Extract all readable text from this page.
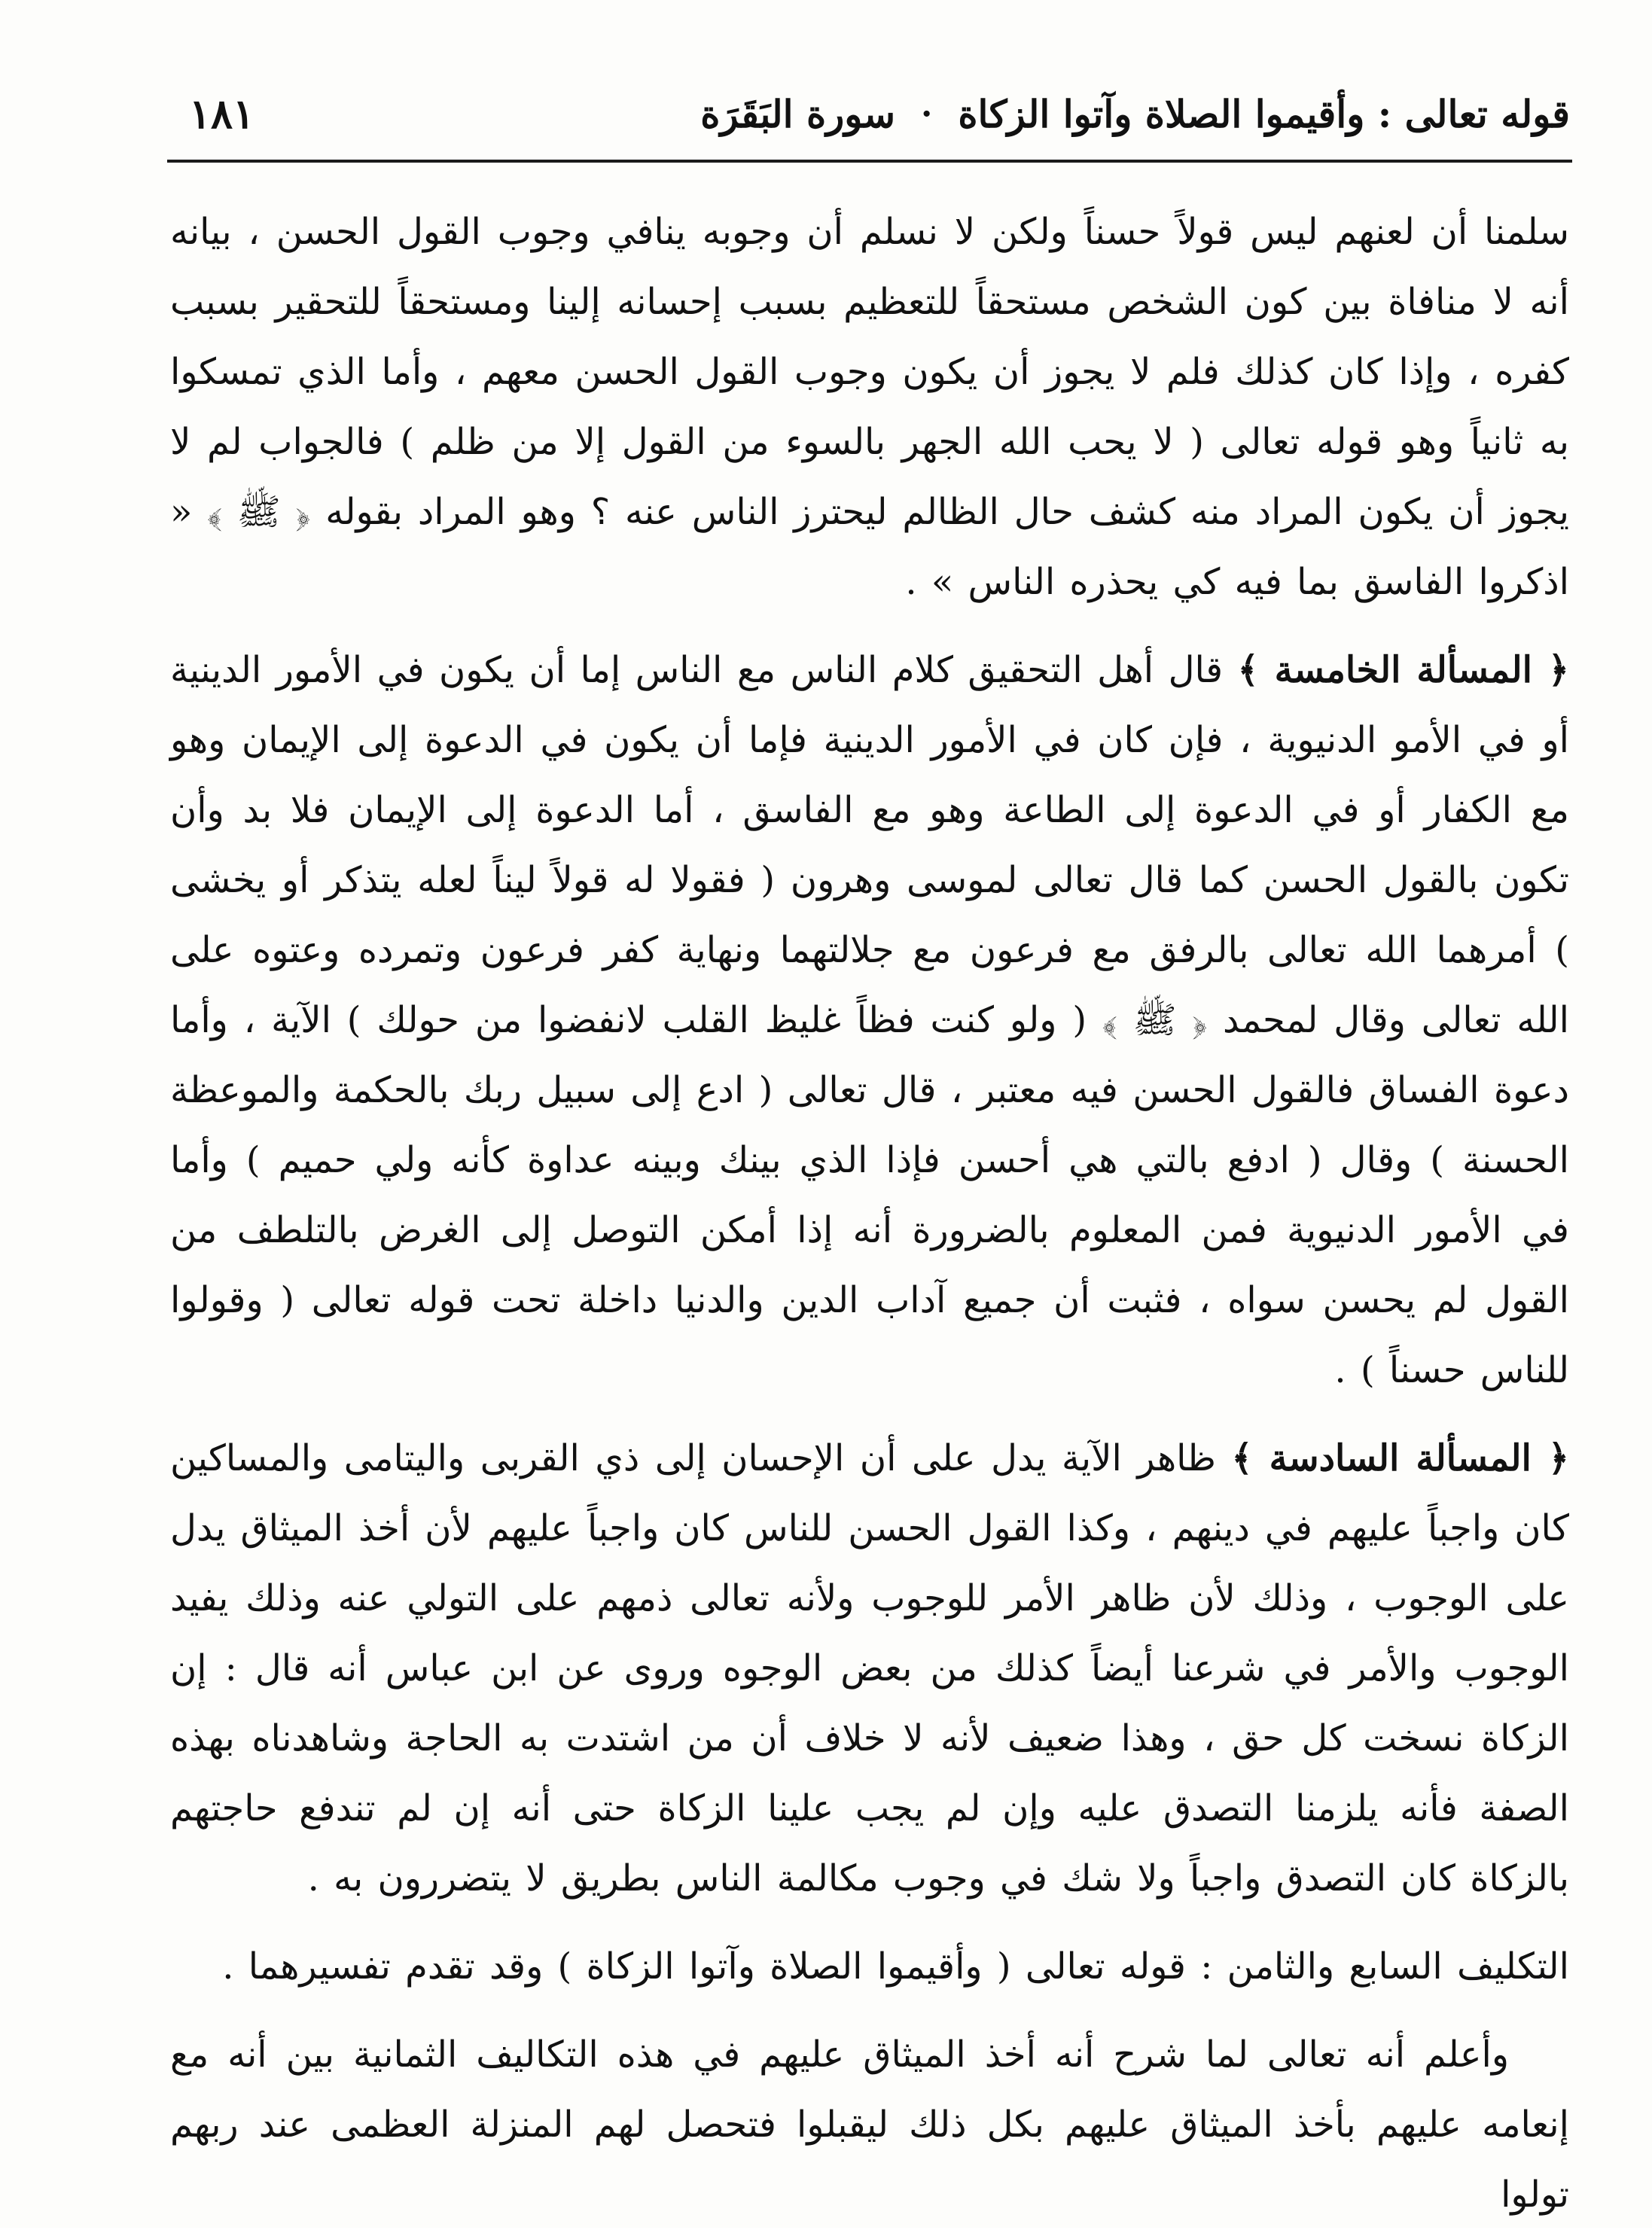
قوله تعالى : وأقيموا الصلاة وآتوا الزكاة
·
سورة البَقَرَة
١٨١

سلمنا أن لعنهم ليس قولاً حسناً ولكن لا نسلم أن وجوبه ينافي وجوب القول الحسن ، بيانه أنه لا منافاة بين كون الشخص مستحقاً للتعظيم بسبب إحسانه إلينا ومستحقاً للتحقير بسبب كفره ، وإذا كان كذلك فلم لا يجوز أن يكون وجوب القول الحسن معهم ، وأما الذي تمسكوا به ثانياً وهو قوله تعالى ( لا يحب الله الجهر بالسوء من القول إلا من ظلم ) فالجواب لم لا يجوز أن يكون المراد منه كشف حال الظالم ليحترز الناس عنه ؟ وهو المراد بقوله ﴿ ﷺ ﴾ « اذكروا الفاسق بما فيه كي يحذره الناس » .

﴿ المسألة الخامسة ﴾ قال أهل التحقيق كلام الناس مع الناس إما أن يكون في الأمور الدينية أو في الأمو الدنيوية ، فإن كان في الأمور الدينية فإما أن يكون في الدعوة إلى الإيمان وهو مع الكفار أو في الدعوة إلى الطاعة وهو مع الفاسق ، أما الدعوة إلى الإيمان فلا بد وأن تكون بالقول الحسن كما قال تعالى لموسى وهرون ( فقولا له قولاً ليناً لعله يتذكر أو يخشى ) أمرهما الله تعالى بالرفق مع فرعون مع جلالتهما ونهاية كفر فرعون وتمرده وعتوه على الله تعالى وقال لمحمد ﴿ ﷺ ﴾ ( ولو كنت فظاً غليظ القلب لانفضوا من حولك ) الآية ، وأما دعوة الفساق فالقول الحسن فيه معتبر ، قال تعالى ( ادع إلى سبيل ربك بالحكمة والموعظة الحسنة ) وقال ( ادفع بالتي هي أحسن فإذا الذي بينك وبينه عداوة كأنه ولي حميم ) وأما في الأمور الدنيوية فمن المعلوم بالضرورة أنه إذا أمكن التوصل إلى الغرض بالتلطف من القول لم يحسن سواه ، فثبت أن جميع آداب الدين والدنيا داخلة تحت قوله تعالى ( وقولوا للناس حسناً ) .

﴿ المسألة السادسة ﴾ ظاهر الآية يدل على أن الإحسان إلى ذي القربى واليتامى والمساكين كان واجباً عليهم في دينهم ، وكذا القول الحسن للناس كان واجباً عليهم لأن أخذ الميثاق يدل على الوجوب ، وذلك لأن ظاهر الأمر للوجوب ولأنه تعالى ذمهم على التولي عنه وذلك يفيد الوجوب والأمر في شرعنا أيضاً كذلك من بعض الوجوه وروى عن ابن عباس أنه قال : إن الزكاة نسخت كل حق ، وهذا ضعيف لأنه لا خلاف أن من اشتدت به الحاجة وشاهدناه بهذه الصفة فأنه يلزمنا التصدق عليه وإن لم يجب علينا الزكاة حتى أنه إن لم تندفع حاجتهم بالزكاة كان التصدق واجباً ولا شك في وجوب مكالمة الناس بطريق لا يتضررون به .

التكليف السابع والثامن : قوله تعالى ( وأقيموا الصلاة وآتوا الزكاة ) وقد تقدم تفسيرهما .

وأعلم أنه تعالى لما شرح أنه أخذ الميثاق عليهم في هذه التكاليف الثمانية بين أنه مع إنعامه عليهم بأخذ الميثاق عليهم بكل ذلك ليقبلوا فتحصل لهم المنزلة العظمى عند ربهم تولوا
